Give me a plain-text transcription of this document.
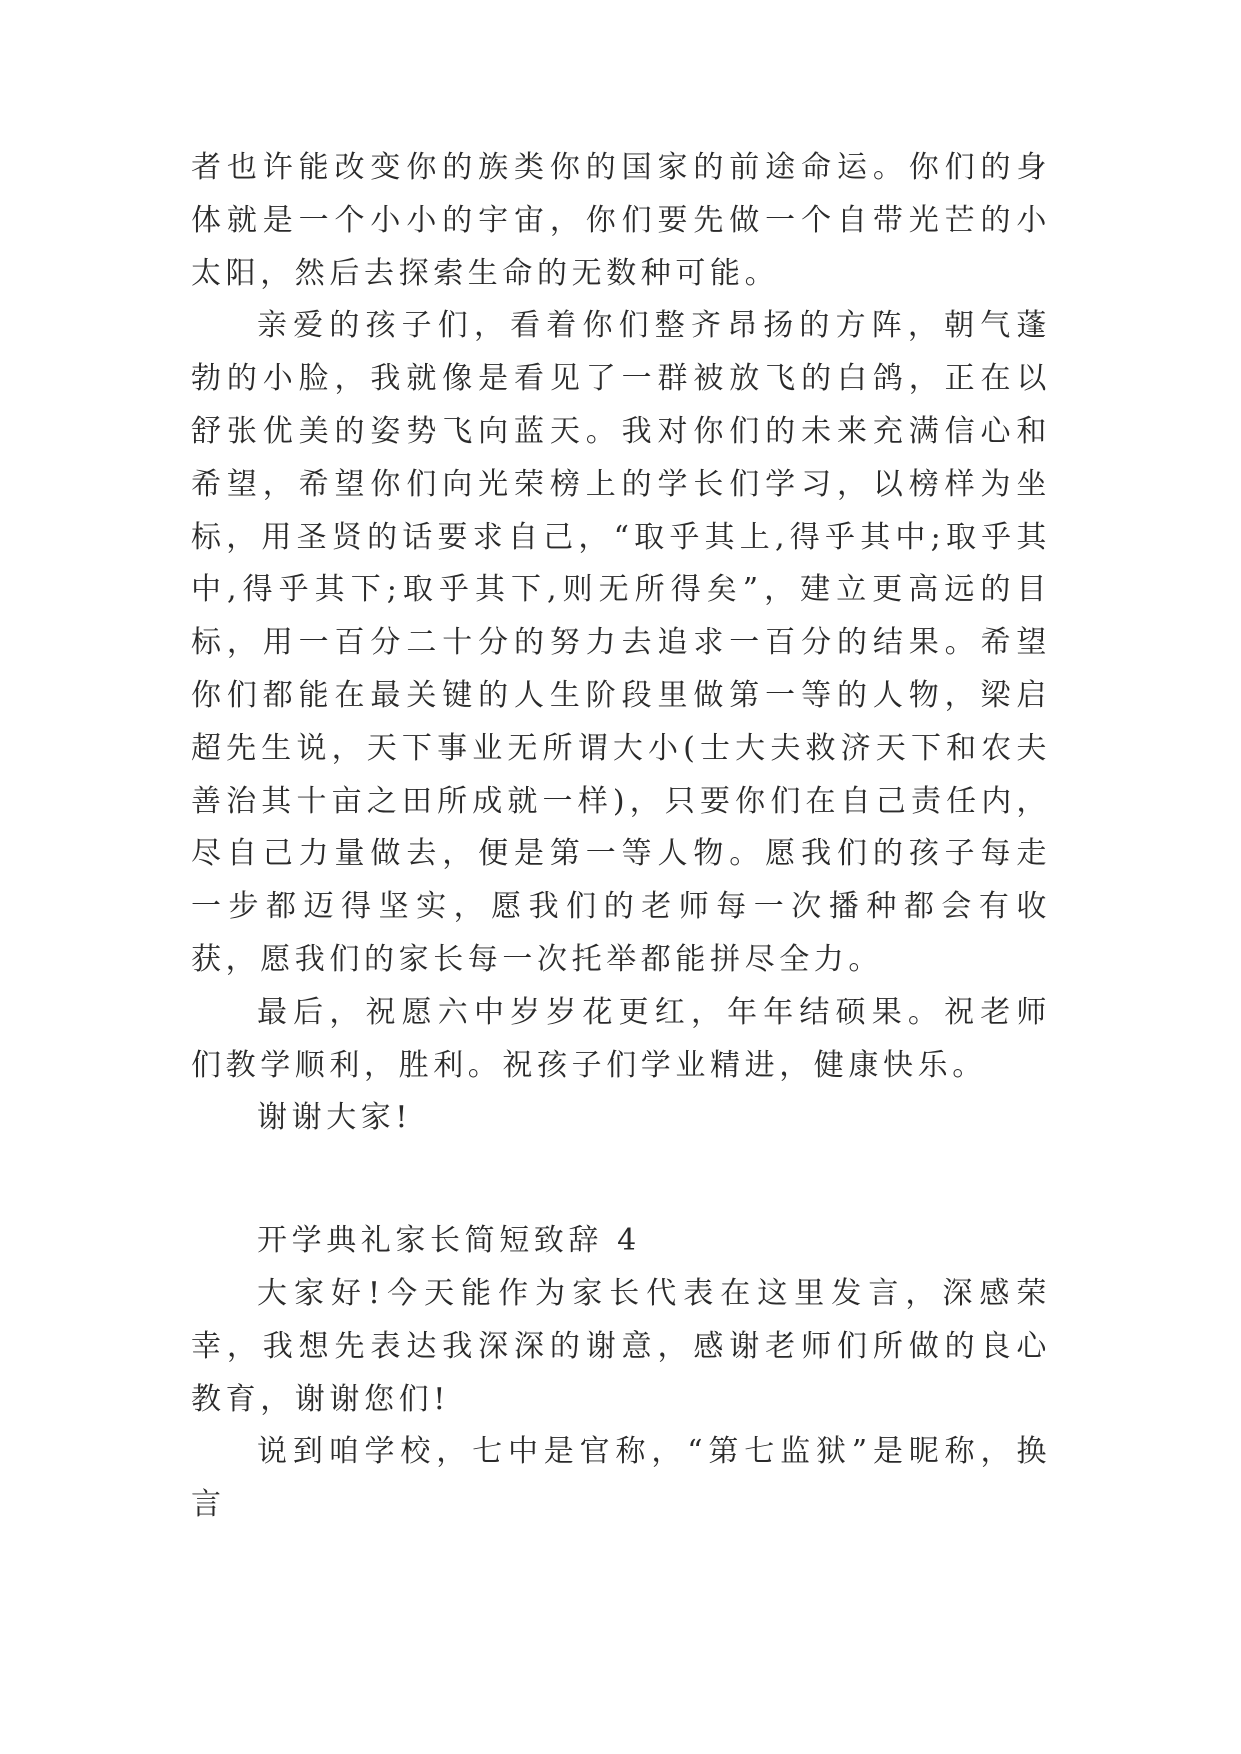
者也许能改变你的族类你的国家的前途命运。你们的身体就是一个小小的宇宙，你们要先做一个自带光芒的小太阳，然后去探索生命的无数种可能。

亲爱的孩子们，看着你们整齐昂扬的方阵，朝气蓬勃的小脸，我就像是看见了一群被放飞的白鸽，正在以舒张优美的姿势飞向蓝天。我对你们的未来充满信心和希望，希望你们向光荣榜上的学长们学习，以榜样为坐标，用圣贤的话要求自己，“取乎其上,得乎其中;取乎其中,得乎其下;取乎其下,则无所得矣”，建立更高远的目标，用一百分二十分的努力去追求一百分的结果。希望你们都能在最关键的人生阶段里做第一等的人物，梁启超先生说，天下事业无所谓大小(士大夫救济天下和农夫善治其十亩之田所成就一样)，只要你们在自己责任内，尽自己力量做去，便是第一等人物。愿我们的孩子每走一步都迈得坚实，愿我们的老师每一次播种都会有收获，愿我们的家长每一次托举都能拼尽全力。

最后，祝愿六中岁岁花更红，年年结硕果。祝老师们教学顺利，胜利。祝孩子们学业精进，健康快乐。

谢谢大家!

开学典礼家长简短致辞 4

大家好!今天能作为家长代表在这里发言，深感荣幸，我想先表达我深深的谢意，感谢老师们所做的良心教育，谢谢您们!

说到咱学校，七中是官称，“第七监狱”是昵称，换言
